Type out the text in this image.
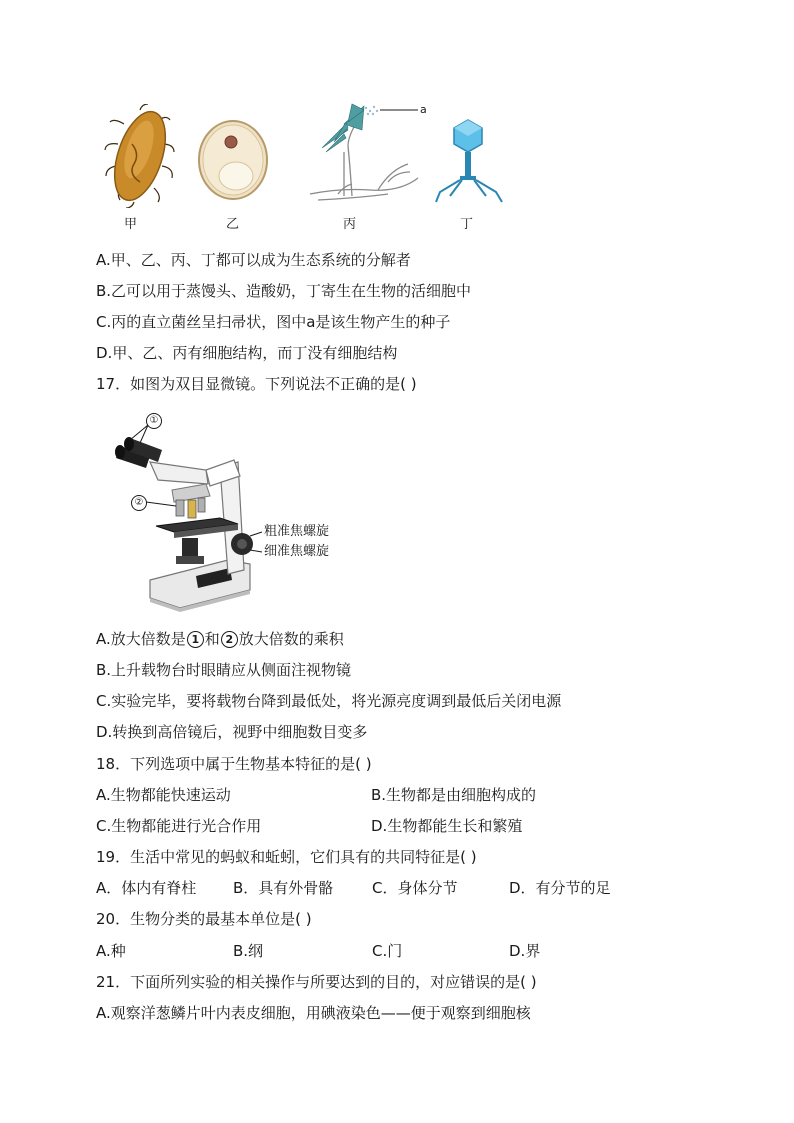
甲	乙
a
丙	丁
A.甲、乙、丙、丁都可以成为生态系统的分解者
B.乙可以用于蒸馒头、造酸奶，丁寄生在生物的活细胞中
C.丙的直立菌丝呈扫帚状，图中a是该生物产生的种子
D.甲、乙、丙有细胞结构，而丁没有细胞结构
17．如图为双目显微镜。下列说法不正确的是( )
①
②
粗准焦螺旋
细准焦螺旋
A.放大倍数是 1 和 2 放大倍数的乘积
B.上升载物台时眼睛应从侧面注视物镜
C.实验完毕，要将载物台降到最低处，将光源亮度调到最低后关闭电源
D.转换到高倍镜后，视野中细胞数目变多
18．下列选项中属于生物基本特征的是( )
A.生物都能快速运动	B.生物都是由细胞构成的
C.生物都能进行光合作用	D.生物都能生长和繁殖
19．生活中常见的蚂蚁和蚯蚓，它们具有的共同特征是( )
A．体内有脊柱 B．具有外骨骼	C．身体分节	D．有分节的足
20．生物分类的最基本单位是( )
A.种	B.纲	C.门	D.界
21．下面所列实验的相关操作与所要达到的目的，对应错误的是( )
A.观察洋葱鳞片叶内表皮细胞，用碘液染色——便于观察到细胞核
